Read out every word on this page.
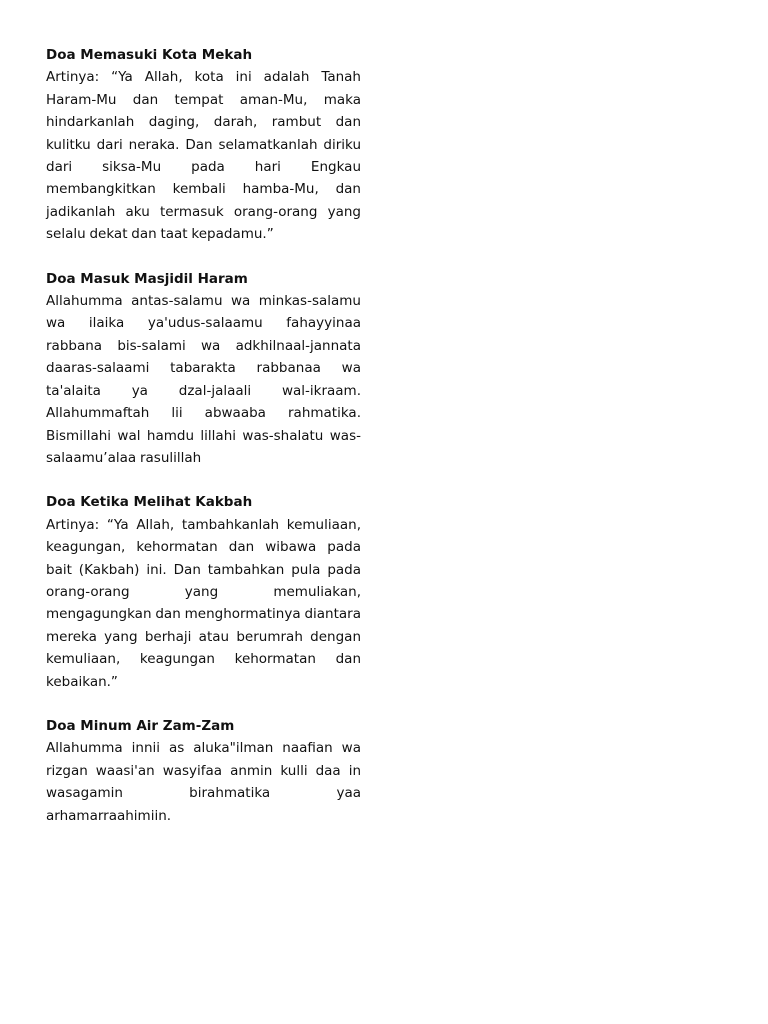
Doa Memasuki Kota Mekah

Artinya: “Ya Allah, kota ini adalah Tanah Haram-Mu dan tempat aman-Mu, maka hindarkanlah daging, darah, rambut dan kulitku dari neraka. Dan selamatkanlah diriku dari siksa-Mu pada hari Engkau membangkitkan kembali hamba-Mu, dan jadikanlah aku termasuk orang-orang yang selalu dekat dan taat kepadamu.”

Doa Masuk Masjidil Haram

Allahumma antas-salamu wa minkas-salamu wa ilaika ya'udus-salaamu fahayyinaa rabbana bis-salami wa adkhilnaal-jannata daaras-salaami tabarakta rabbanaa wa ta'alaita ya dzal-jalaali wal-ikraam. Allahummaftah lii abwaaba rahmatika. Bismillahi wal hamdu lillahi was-shalatu was-salaamu’alaa rasulillah

Doa Ketika Melihat Kakbah

Artinya: “Ya Allah, tambahkanlah kemuliaan, keagungan, kehormatan dan wibawa pada bait (Kakbah) ini. Dan tambahkan pula pada orang-orang yang memuliakan, mengagungkan dan menghormatinya diantara mereka yang berhaji atau berumrah dengan kemuliaan, keagungan kehormatan dan kebaikan.”

Doa Minum Air Zam-Zam

Allahumma innii as aluka"ilman naafian wa rizgan waasi'an wasyifaa anmin kulli daa in wasagamin birahmatika yaa arhamarraahimiin.
